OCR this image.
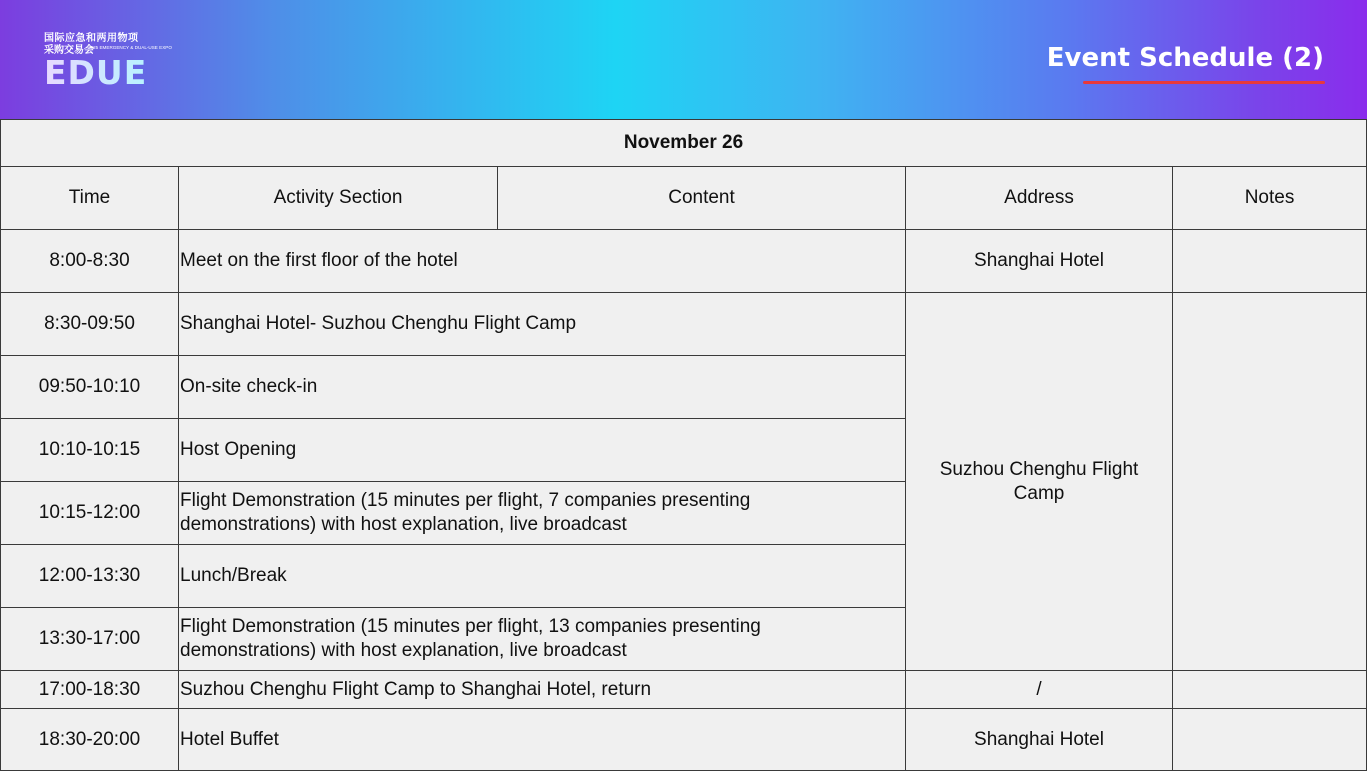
国际应急和两用物项
采购交易会
2025 EMERGENCY & DUAL-USE EXPO
EDUE	Event Schedule (2)
November 26				
Time	Activity Section	Content	Address	Notes
8:00-8:30	Meet on the first floor of the hotel		Shanghai Hotel	
8:30-09:50	Shanghai Hotel- Suzhou Chenghu Flight Camp		Suzhou Chenghu Flight Camp	
09:50-10:10	On-site check-in			
10:10-10:15	Host Opening			
10:15-12:00	Flight Demonstration (15 minutes per flight, 7 companies presenting demonstrations) with host explanation, live broadcast			
12:00-13:30	Lunch/Break			
13:30-17:00	Flight Demonstration (15 minutes per flight, 13 companies presenting demonstrations) with host explanation, live broadcast			
17:00-18:30	Suzhou Chenghu Flight Camp to Shanghai Hotel, return		/	
18:30-20:00	Hotel Buffet		Shanghai Hotel	
